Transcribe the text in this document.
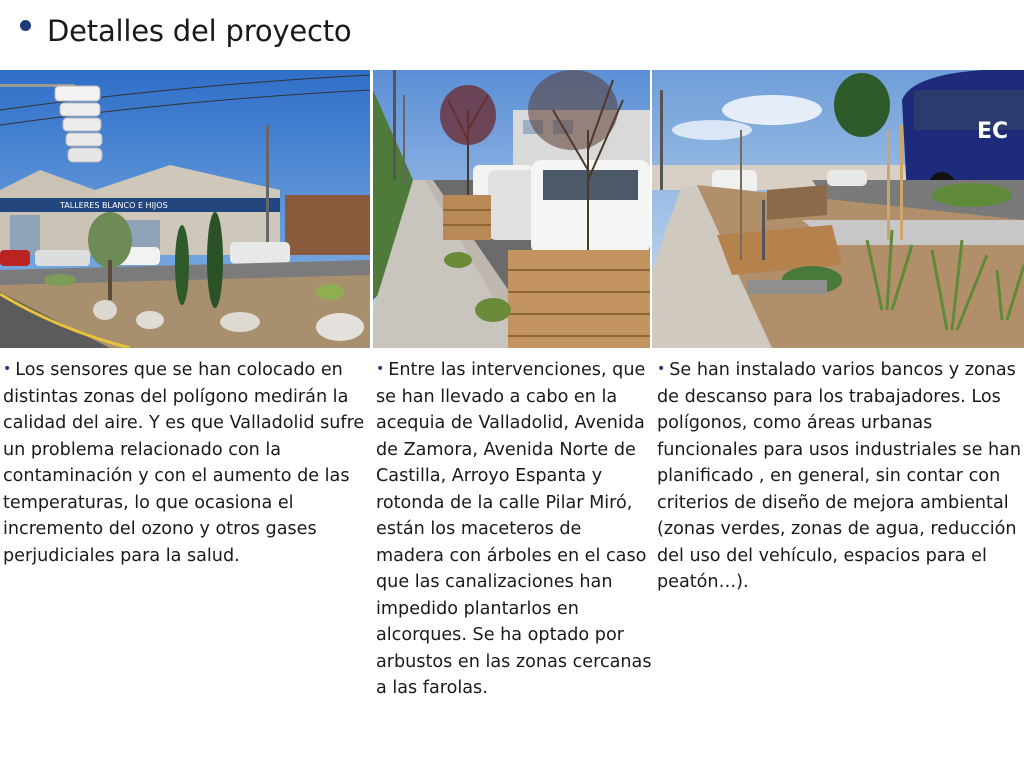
Detalles del proyecto
TALLERES BLANCO E HIJOS
EC
• Los sensores que se han colocado en distintas zonas del polígono medirán la calidad del aire. Y es que Valladolid sufre un problema relacionado con la contaminación y con el aumento de las temperaturas, lo que ocasiona el incremento del ozono y otros gases perjudiciales para la salud.
• Entre las intervenciones, que se han llevado a cabo en la acequia de Valladolid, Avenida de Zamora, Avenida Norte de Castilla, Arroyo Espanta y rotonda de la calle Pilar Miró, están los maceteros de madera con árboles en el caso que las canalizaciones han impedido plantarlos en alcorques. Se ha optado por arbustos en las zonas cercanas a las farolas.
• Se han instalado varios bancos y zonas de descanso para los trabajadores. Los polígonos, como áreas urbanas funcionales para usos industriales se han planificado , en general, sin contar con criterios de diseño de mejora ambiental (zonas verdes, zonas de agua, reducción del uso del vehículo, espacios para el peatón…).
